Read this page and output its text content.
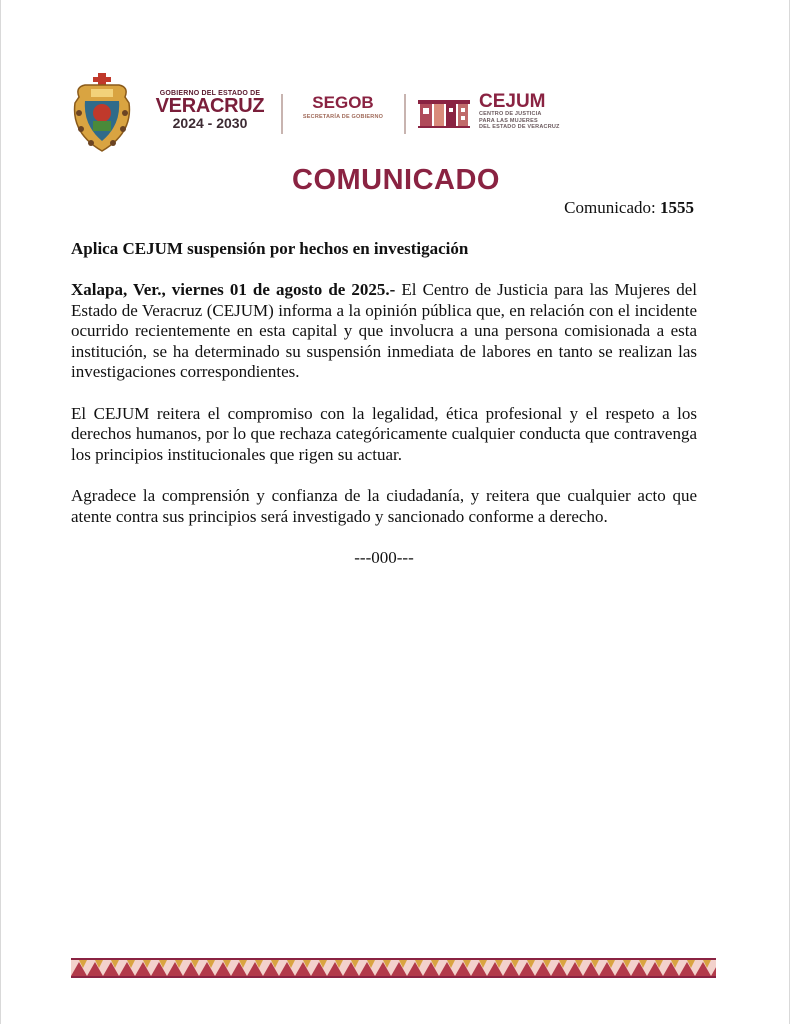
GOBIERNO DEL ESTADO DE
VERACRUZ
2024 - 2030
SEGOB
SECRETARÍA DE GOBIERNO
CEJUM
CENTRO DE JUSTICIA
PARA LAS MUJERES
DEL ESTADO DE VERACRUZ
COMUNICADO
Comunicado: 1555

Aplica CEJUM suspensión por hechos en investigación

Xalapa, Ver., viernes 01 de agosto de 2025.- El Centro de Justicia para las Mujeres del Estado de Veracruz (CEJUM) informa a la opinión pública que, en relación con el incidente ocurrido recientemente en esta capital y que involucra a una persona comisionada a esta institución, se ha determinado su suspensión inmediata de labores en tanto se realizan las investigaciones correspondientes.

El CEJUM reitera el compromiso con la legalidad, ética profesional y el respeto a los derechos humanos, por lo que rechaza categóricamente cualquier conducta que contravenga los principios institucionales que rigen su actuar.

Agradece la comprensión y confianza de la ciudadanía, y reitera que cualquier acto que atente contra sus principios será investigado y sancionado conforme a derecho.

---000---
